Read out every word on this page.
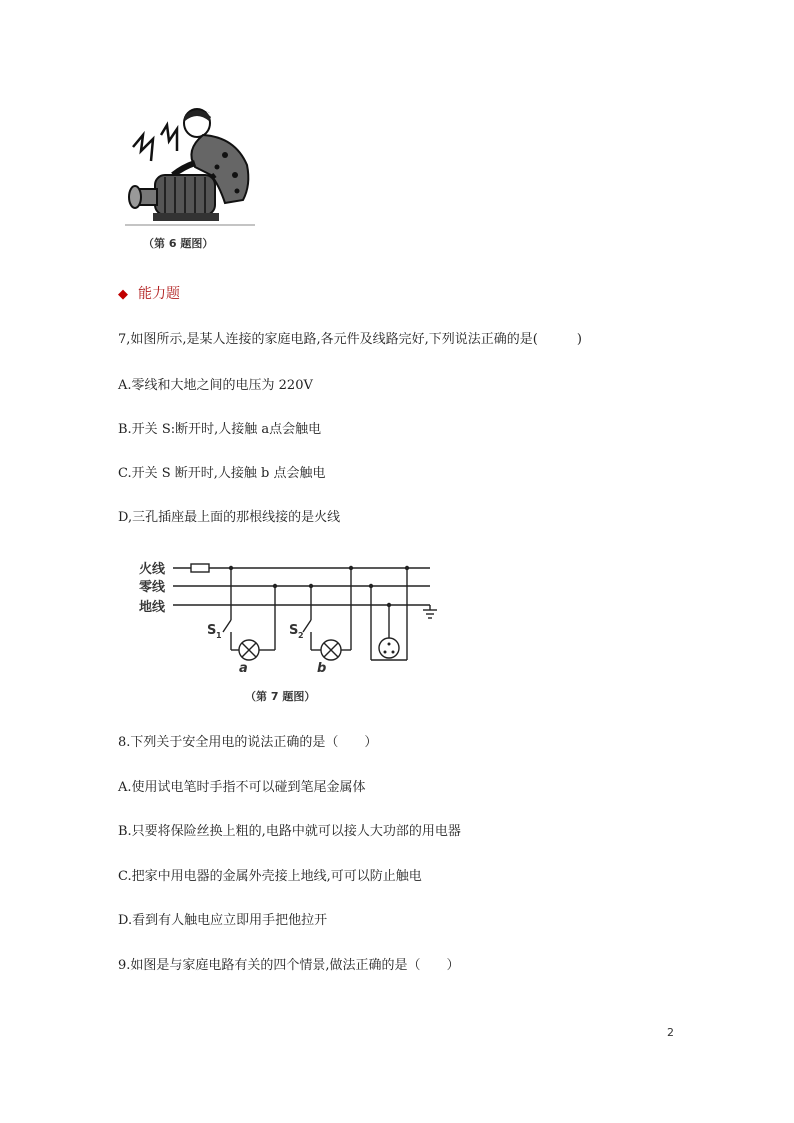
（第 6 题图）
◆ 能力题
7,如图所示,是某人连接的家庭电路,各元件及线路完好,下列说法正确的是(　　　)
A.零线和大地之间的电压为 220V
B.开关 S:断开时,人接触 a点会触电
C.开关 S 断开时,人接触 b 点会触电
D,三孔插座最上面的那根线接的是火线
火线
零线
地线
S 1
a
S 2
b
（第 7 题图）
8.下列关于安全用电的说法正确的是（　　）
A.使用试电笔时手指不可以碰到笔尾金属体
B.只要将保险丝换上粗的,电路中就可以接人大功部的用电器
C.把家中用电器的金属外壳接上地线,可可以防止触电
D.看到有人触电应立即用手把他拉开
9.如图是与家庭电路有关的四个情景,做法正确的是（　　）
2
